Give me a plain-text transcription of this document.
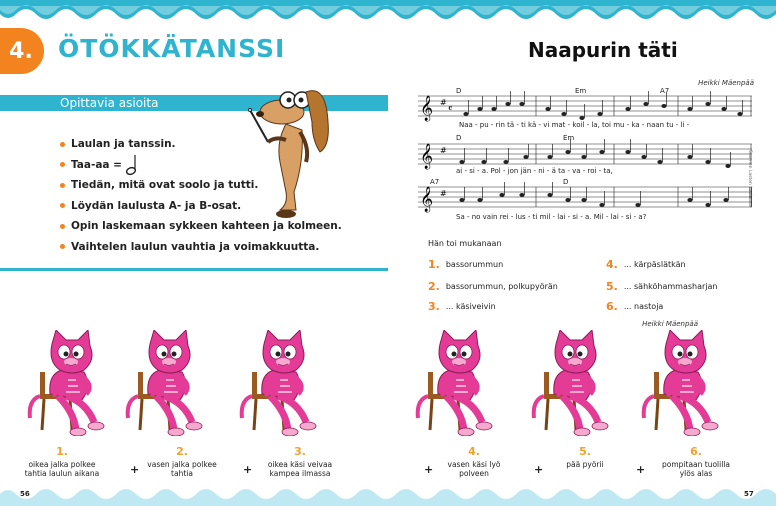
4.	ÖTÖKKÄTANSSI
Opittavia asioita
Laulan ja tanssin.
Taa-aa =
Tiedän, mitä ovat soolo ja tutti.
Löydän laulusta A- ja B-osat.
Opin laskemaan sykkeen kahteen ja kolmeen.
Vaihtelen laulun vauhtia ja voimakkuutta.
Naapurin täti
Heikki Mäenpää
𝄞 #
𝄴
D	Em	A7
Naa - pu - rin tä - ti kä - vi mat - koil - la, toi mu - ka - naan tu - li -
𝄞 #
D	Em
ai - si - a. Pol - jon jän - ni - ä ta - va - roi - ta,
𝄞 #
A7	D
Sa - no vain rei - lus - ti mil - lai - si - a. Mil - lai - si - a?
Suomen Lasten Laulu
Hän toi mukanaan
1. bassorummun
2. bassorummun, polkupyörän
3. ... käsiveivin
4. ... kärpäslätkän
5. ... sähköhammasharjan
6. ... nastoja
Heikki Mäenpää
1.
oikea jalka polkee tahtia laulun aikana	+
2.
vasen jalka polkee tahtia	+
3.
oikea käsi veivaa kampea ilmassa	+
4.
vasen käsi lyö polveen	+
5.
pää pyörii	+
6.
pompitaan tuolilla ylös alas
56	57
